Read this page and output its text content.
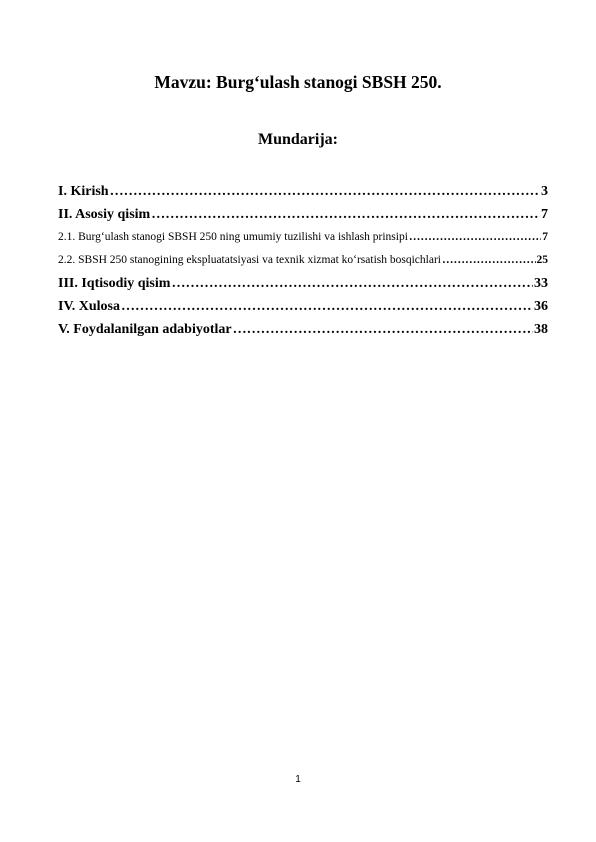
Mavzu: Burg‘ulash stanogi SBSH 250.
Mundarija:
I. Kirish …………………………………………………………………………………………………………………………………………………………………………	3
II. Asosiy qisim …………………………………………………………………………………………………………………………………………………………………………	7
2.1. Burg‘ulash stanogi SBSH 250 ning umumiy tuzilishi va ishlash prinsipi …………………………………………………………………………………………………………………………………………………………………………	7
2.2. SBSH 250 stanogining ekspluatatsiyasi va texnik xizmat ko‘rsatish bosqichlari …………………………………………………………………………………………………………………………………………………………………………	25
III. Iqtisodiy qisim …………………………………………………………………………………………………………………………………………………………………………	33
IV. Xulosa …………………………………………………………………………………………………………………………………………………………………………	36
V. Foydalanilgan adabiyotlar …………………………………………………………………………………………………………………………………………………………………………	38
1
